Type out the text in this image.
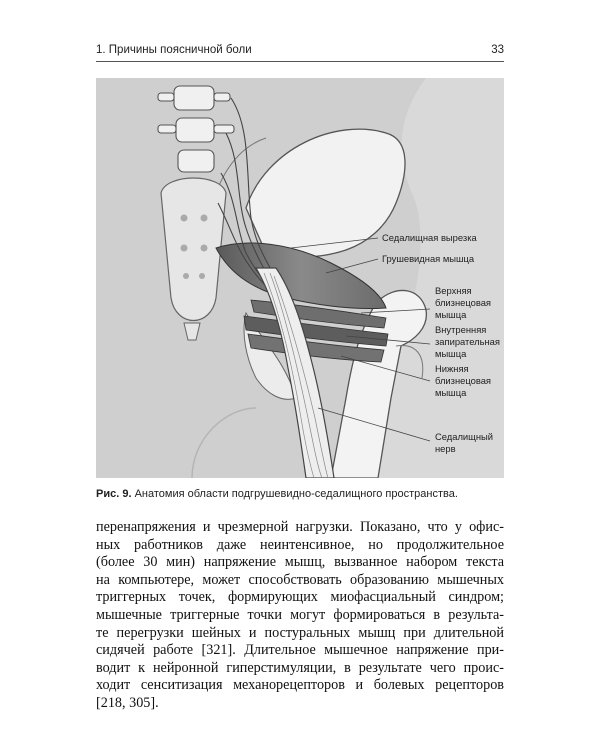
1. Причины поясничной боли	33
Седалищная вырезка
Грушевидная мышца
Верхняя
близнецовая
мышца
Внутренняя
запирательная
мышца
Нижняя
близнецовая
мышца
Седалищный
нерв
Рис. 9. Анатомия области подгрушевидно-седалищного пространства.
перенапряжения и чрезмерной нагрузки. Показано, что у офис-
ных работников даже неинтенсивное, но продолжительное
(более 30 мин) напряжение мышц, вызванное набором текста
на компьютере, может способствовать образованию мышечных
триггерных точек, формирующих миофасциальный синдром;
мышечные триггерные точки могут формироваться в результа-
те перегрузки шейных и постуральных мышц при длительной
сидячей работе [321]. Длительное мышечное напряжение при-
водит к нейронной гиперстимуляции, в результате чего проис-
ходит сенситизация механорецепторов и болевых рецепторов
[218, 305].
